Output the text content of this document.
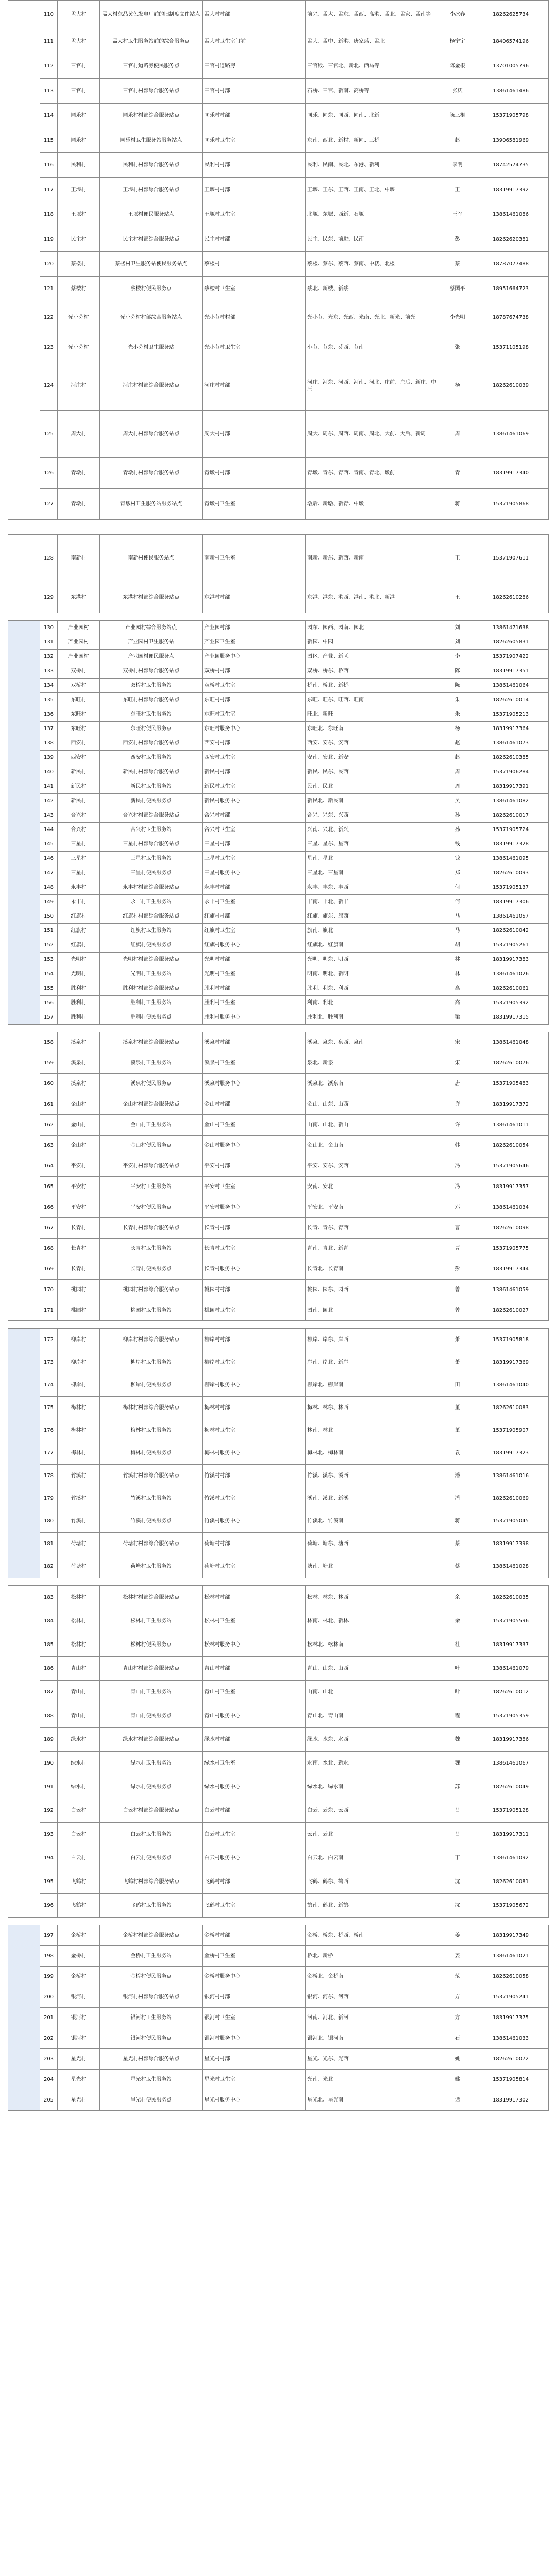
	110	孟大村	孟大村东品黄色发电厂前的旧制度文件站点	孟大村村部	前兴、孟大、孟东、孟西、高港、孟北、孟家、孟南等	李冰春	18262625734
	111	孟大村	孟大村卫生服务站前的综合服务点	孟大村卫生室门前	孟大、孟中、新港、唐家荡、孟北	杨宁宇	18406574196
	112	三官村	三官村道路旁便民服务点	三官村道路旁	三官殿、三官北、新北、西马等	陈金根	13701005796
	113	三官村	三官村村部综合服务站点	三官村村部	石桥、三官、新南、高桥等	张庆	13861461486
	114	同乐村	同乐村村部综合服务站点	同乐村村部	同乐、同东、同西、同南、北新	陈三根	15371905798
	115	同乐村	同乐村卫生服务站服务站点	同乐村卫生室	东南、西北、新村、新同、三桥	赵	13906581969
	116	民利村	民利村村部综合服务站点	民利村村部	民利、民南、民北、东港、新利	李明	18742574735
	117	王堰村	王堰村村部综合服务站点	王堰村村部	王堰、王东、王西、王南、王北、中堰	王	18319917392
	118	王堰村	王堰村便民服务站点	王堰村卫生室	北堰、东堰、西新、石堰	王军	13861461086
	119	民主村	民主村村部综合服务站点	民主村村部	民主、民东、前进、民南	彭	18262620381
	120	蔡楼村	蔡楼村卫生服务站便民服务站点	蔡楼村	蔡楼、蔡东、蔡西、蔡南、中楼、北楼	蔡	18787077488
	121	蔡楼村	蔡楼村便民服务点	蔡楼村卫生室	蔡北、新楼、新蔡	蔡国平	18951664723
	122	光小芬村	光小芬村村部综合服务站点	光小芬村村部	光小芬、光东、光西、光南、光北、新光、前光	李光明	18787674738
	123	光小芬村	光小芬村卫生服务站	光小芬村卫生室	小芬、芬东、芬西、芬南	张	15371105198
	124	河庄村	河庄村村部综合服务站点	河庄村村部	河庄、河东、河西、河南、河北、庄前、庄后、新庄、中庄	杨	18262610039
	125	周大村	周大村村部综合服务站点	周大村村部	周大、周东、周西、周南、周北、大前、大后、新周	周	13861461069
	126	青墩村	青墩村村部综合服务站点	青墩村村部	青墩、青东、青西、青南、青北、墩前	青	18319917340
	127	青墩村	青墩村卫生服务站服务站点	青墩村卫生室	墩后、新墩、新青、中墩	蒋	15371905868

	128	南新村	南新村便民服务站点	南新村卫生室	南新、新东、新西、新南	王	15371907611
	129	东港村	东港村村部综合服务站点	东港村村部	东港、港东、港西、港南、港北、新港	王	18262610286

	130	产业园村	产业园村综合服务站点	产业园村部	园东、园西、园南、园北	刘	13861471638
	131	产业园村	产业园村卫生服务站	产业园卫生室	新园、中园	刘	18262605831
	132	产业园村	产业园村便民服务点	产业园服务中心	园区、产业、新区	李	15371907422
	133	双桥村	双桥村村部综合服务站点	双桥村村部	双桥、桥东、桥西	陈	18319917351
	134	双桥村	双桥村卫生服务站	双桥村卫生室	桥南、桥北、新桥	陈	13861461064
	135	东旺村	东旺村村部综合服务站点	东旺村村部	东旺、旺东、旺西、旺南	朱	18262610014
	136	东旺村	东旺村卫生服务站	东旺村卫生室	旺北、新旺	朱	15371905213
	137	东旺村	东旺村便民服务点	东旺村服务中心	东旺北、东旺南	杨	18319917364
	138	西安村	西安村村部综合服务站点	西安村村部	西安、安东、安西	赵	13861461073
	139	西安村	西安村卫生服务站	西安村卫生室	安南、安北、新安	赵	18262610385
	140	新民村	新民村村部综合服务站点	新民村村部	新民、民东、民西	周	15371906284
	141	新民村	新民村卫生服务站	新民村卫生室	民南、民北	周	18319917391
	142	新民村	新民村便民服务点	新民村服务中心	新民北、新民南	吴	13861461082
	143	合兴村	合兴村村部综合服务站点	合兴村村部	合兴、兴东、兴西	孙	18262610017
	144	合兴村	合兴村卫生服务站	合兴村卫生室	兴南、兴北、新兴	孙	15371905724
	145	三星村	三星村村部综合服务站点	三星村村部	三星、星东、星西	钱	18319917328
	146	三星村	三星村卫生服务站	三星村卫生室	星南、星北	钱	13861461095
	147	三星村	三星村便民服务点	三星村服务中心	三星北、三星南	郑	18262610093
	148	永丰村	永丰村村部综合服务站点	永丰村村部	永丰、丰东、丰西	何	15371905137
	149	永丰村	永丰村卫生服务站	永丰村卫生室	丰南、丰北、新丰	何	18319917306
	150	红旗村	红旗村村部综合服务站点	红旗村村部	红旗、旗东、旗西	马	13861461057
	151	红旗村	红旗村卫生服务站	红旗村卫生室	旗南、旗北	马	18262610042
	152	红旗村	红旗村便民服务点	红旗村服务中心	红旗北、红旗南	胡	15371905261
	153	光明村	光明村村部综合服务站点	光明村村部	光明、明东、明西	林	18319917383
	154	光明村	光明村卫生服务站	光明村卫生室	明南、明北、新明	林	13861461026
	155	胜利村	胜利村村部综合服务站点	胜利村村部	胜利、利东、利西	高	18262610061
	156	胜利村	胜利村卫生服务站	胜利村卫生室	利南、利北	高	15371905392
	157	胜利村	胜利村便民服务点	胜利村服务中心	胜利北、胜利南	梁	18319917315

	158	溪泉村	溪泉村村部综合服务站点	溪泉村村部	溪泉、泉东、泉西、泉南	宋	13861461048
	159	溪泉村	溪泉村卫生服务站	溪泉村卫生室	泉北、新泉	宋	18262610076
	160	溪泉村	溪泉村便民服务点	溪泉村服务中心	溪泉北、溪泉南	唐	15371905483
	161	金山村	金山村村部综合服务站点	金山村村部	金山、山东、山西	许	18319917372
	162	金山村	金山村卫生服务站	金山村卫生室	山南、山北、新山	许	13861461011
	163	金山村	金山村便民服务点	金山村服务中心	金山北、金山南	韩	18262610054
	164	平安村	平安村村部综合服务站点	平安村村部	平安、安东、安西	冯	15371905646
	165	平安村	平安村卫生服务站	平安村卫生室	安南、安北	冯	18319917357
	166	平安村	平安村便民服务点	平安村服务中心	平安北、平安南	邓	13861461034
	167	长青村	长青村村部综合服务站点	长青村村部	长青、青东、青西	曹	18262610098
	168	长青村	长青村卫生服务站	长青村卫生室	青南、青北、新青	曹	15371905775
	169	长青村	长青村便民服务点	长青村服务中心	长青北、长青南	彭	18319917344
	170	桃园村	桃园村村部综合服务站点	桃园村村部	桃园、园东、园西	曾	13861461059
	171	桃园村	桃园村卫生服务站	桃园村卫生室	园南、园北	曾	18262610027

	172	柳岸村	柳岸村村部综合服务站点	柳岸村村部	柳岸、岸东、岸西	萧	15371905818
	173	柳岸村	柳岸村卫生服务站	柳岸村卫生室	岸南、岸北、新岸	萧	18319917369
	174	柳岸村	柳岸村便民服务点	柳岸村服务中心	柳岸北、柳岸南	田	13861461040
	175	梅林村	梅林村村部综合服务站点	梅林村村部	梅林、林东、林西	董	18262610083
	176	梅林村	梅林村卫生服务站	梅林村卫生室	林南、林北	董	15371905907
	177	梅林村	梅林村便民服务点	梅林村服务中心	梅林北、梅林南	袁	18319917323
	178	竹溪村	竹溪村村部综合服务站点	竹溪村村部	竹溪、溪东、溪西	潘	13861461016
	179	竹溪村	竹溪村卫生服务站	竹溪村卫生室	溪南、溪北、新溪	潘	18262610069
	180	竹溪村	竹溪村便民服务点	竹溪村服务中心	竹溪北、竹溪南	蒋	15371905045
	181	荷塘村	荷塘村村部综合服务站点	荷塘村村部	荷塘、塘东、塘西	蔡	18319917398
	182	荷塘村	荷塘村卫生服务站	荷塘村卫生室	塘南、塘北	蔡	13861461028

	183	松林村	松林村村部综合服务站点	松林村村部	松林、林东、林西	余	18262610035
	184	松林村	松林村卫生服务站	松林村卫生室	林南、林北、新林	余	15371905596
	185	松林村	松林村便民服务点	松林村服务中心	松林北、松林南	杜	18319917337
	186	青山村	青山村村部综合服务站点	青山村村部	青山、山东、山西	叶	13861461079
	187	青山村	青山村卫生服务站	青山村卫生室	山南、山北	叶	18262610012
	188	青山村	青山村便民服务点	青山村服务中心	青山北、青山南	程	15371905359
	189	绿水村	绿水村村部综合服务站点	绿水村村部	绿水、水东、水西	魏	18319917386
	190	绿水村	绿水村卫生服务站	绿水村卫生室	水南、水北、新水	魏	13861461067
	191	绿水村	绿水村便民服务点	绿水村服务中心	绿水北、绿水南	苏	18262610049
	192	白云村	白云村村部综合服务站点	白云村村部	白云、云东、云西	吕	15371905128
	193	白云村	白云村卫生服务站	白云村卫生室	云南、云北	吕	18319917311
	194	白云村	白云村便民服务点	白云村服务中心	白云北、白云南	丁	13861461092
	195	飞鹤村	飞鹤村村部综合服务站点	飞鹤村村部	飞鹤、鹤东、鹤西	沈	18262610081
	196	飞鹤村	飞鹤村卫生服务站	飞鹤村卫生室	鹤南、鹤北、新鹤	沈	15371905672

	197	金桥村	金桥村村部综合服务站点	金桥村村部	金桥、桥东、桥西、桥南	姜	18319917349
	198	金桥村	金桥村卫生服务站	金桥村卫生室	桥北、新桥	姜	13861461021
	199	金桥村	金桥村便民服务点	金桥村服务中心	金桥北、金桥南	范	18262610058
	200	银河村	银河村村部综合服务站点	银河村村部	银河、河东、河西	方	15371905241
	201	银河村	银河村卫生服务站	银河村卫生室	河南、河北、新河	方	18319917375
	202	银河村	银河村便民服务点	银河村服务中心	银河北、银河南	石	13861461033
	203	星光村	星光村村部综合服务站点	星光村村部	星光、光东、光西	姚	18262610072
	204	星光村	星光村卫生服务站	星光村卫生室	光南、光北	姚	15371905814
	205	星光村	星光村便民服务点	星光村服务中心	星光北、星光南	谭	18319917302
